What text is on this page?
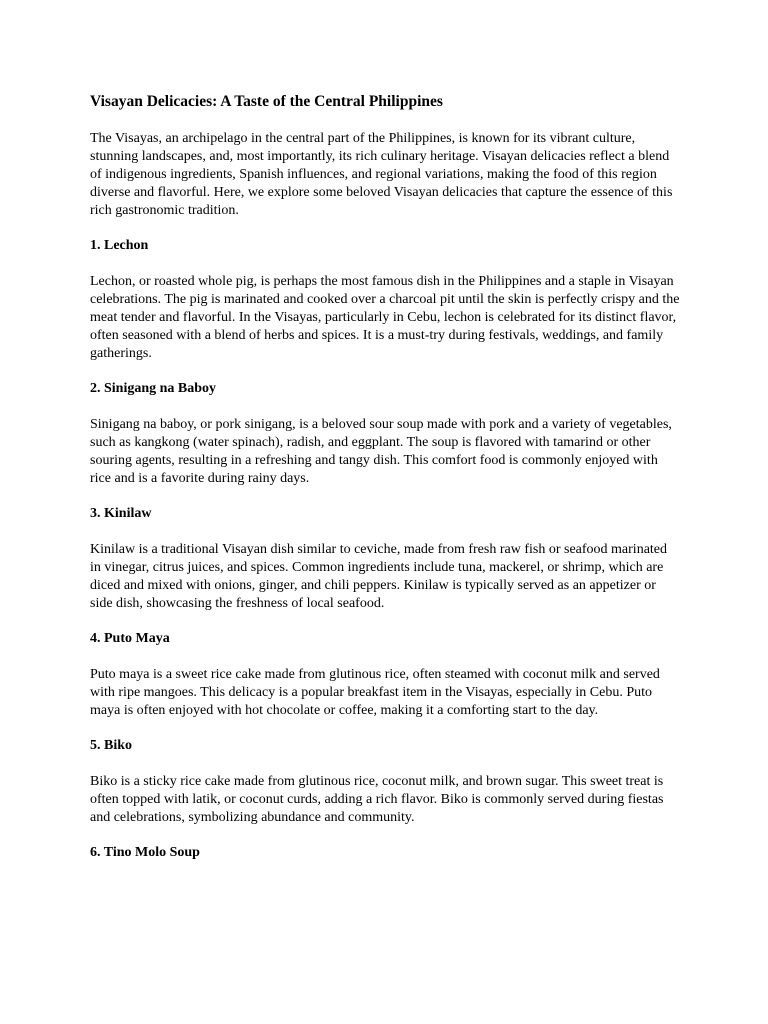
Visayan Delicacies: A Taste of the Central Philippines

The Visayas, an archipelago in the central part of the Philippines, is known for its vibrant culture, stunning landscapes, and, most importantly, its rich culinary heritage. Visayan delicacies reflect a blend of indigenous ingredients, Spanish influences, and regional variations, making the food of this region diverse and flavorful. Here, we explore some beloved Visayan delicacies that capture the essence of this rich gastronomic tradition.

1. Lechon

Lechon, or roasted whole pig, is perhaps the most famous dish in the Philippines and a staple in Visayan celebrations. The pig is marinated and cooked over a charcoal pit until the skin is perfectly crispy and the meat tender and flavorful. In the Visayas, particularly in Cebu, lechon is celebrated for its distinct flavor, often seasoned with a blend of herbs and spices. It is a must-try during festivals, weddings, and family gatherings.

2. Sinigang na Baboy

Sinigang na baboy, or pork sinigang, is a beloved sour soup made with pork and a variety of vegetables, such as kangkong (water spinach), radish, and eggplant. The soup is flavored with tamarind or other souring agents, resulting in a refreshing and tangy dish. This comfort food is commonly enjoyed with rice and is a favorite during rainy days.

3. Kinilaw

Kinilaw is a traditional Visayan dish similar to ceviche, made from fresh raw fish or seafood marinated in vinegar, citrus juices, and spices. Common ingredients include tuna, mackerel, or shrimp, which are diced and mixed with onions, ginger, and chili peppers. Kinilaw is typically served as an appetizer or side dish, showcasing the freshness of local seafood.

4. Puto Maya

Puto maya is a sweet rice cake made from glutinous rice, often steamed with coconut milk and served with ripe mangoes. This delicacy is a popular breakfast item in the Visayas, especially in Cebu. Puto maya is often enjoyed with hot chocolate or coffee, making it a comforting start to the day.

5. Biko

Biko is a sticky rice cake made from glutinous rice, coconut milk, and brown sugar. This sweet treat is often topped with latik, or coconut curds, adding a rich flavor. Biko is commonly served during fiestas and celebrations, symbolizing abundance and community.

6. Tino Molo Soup
